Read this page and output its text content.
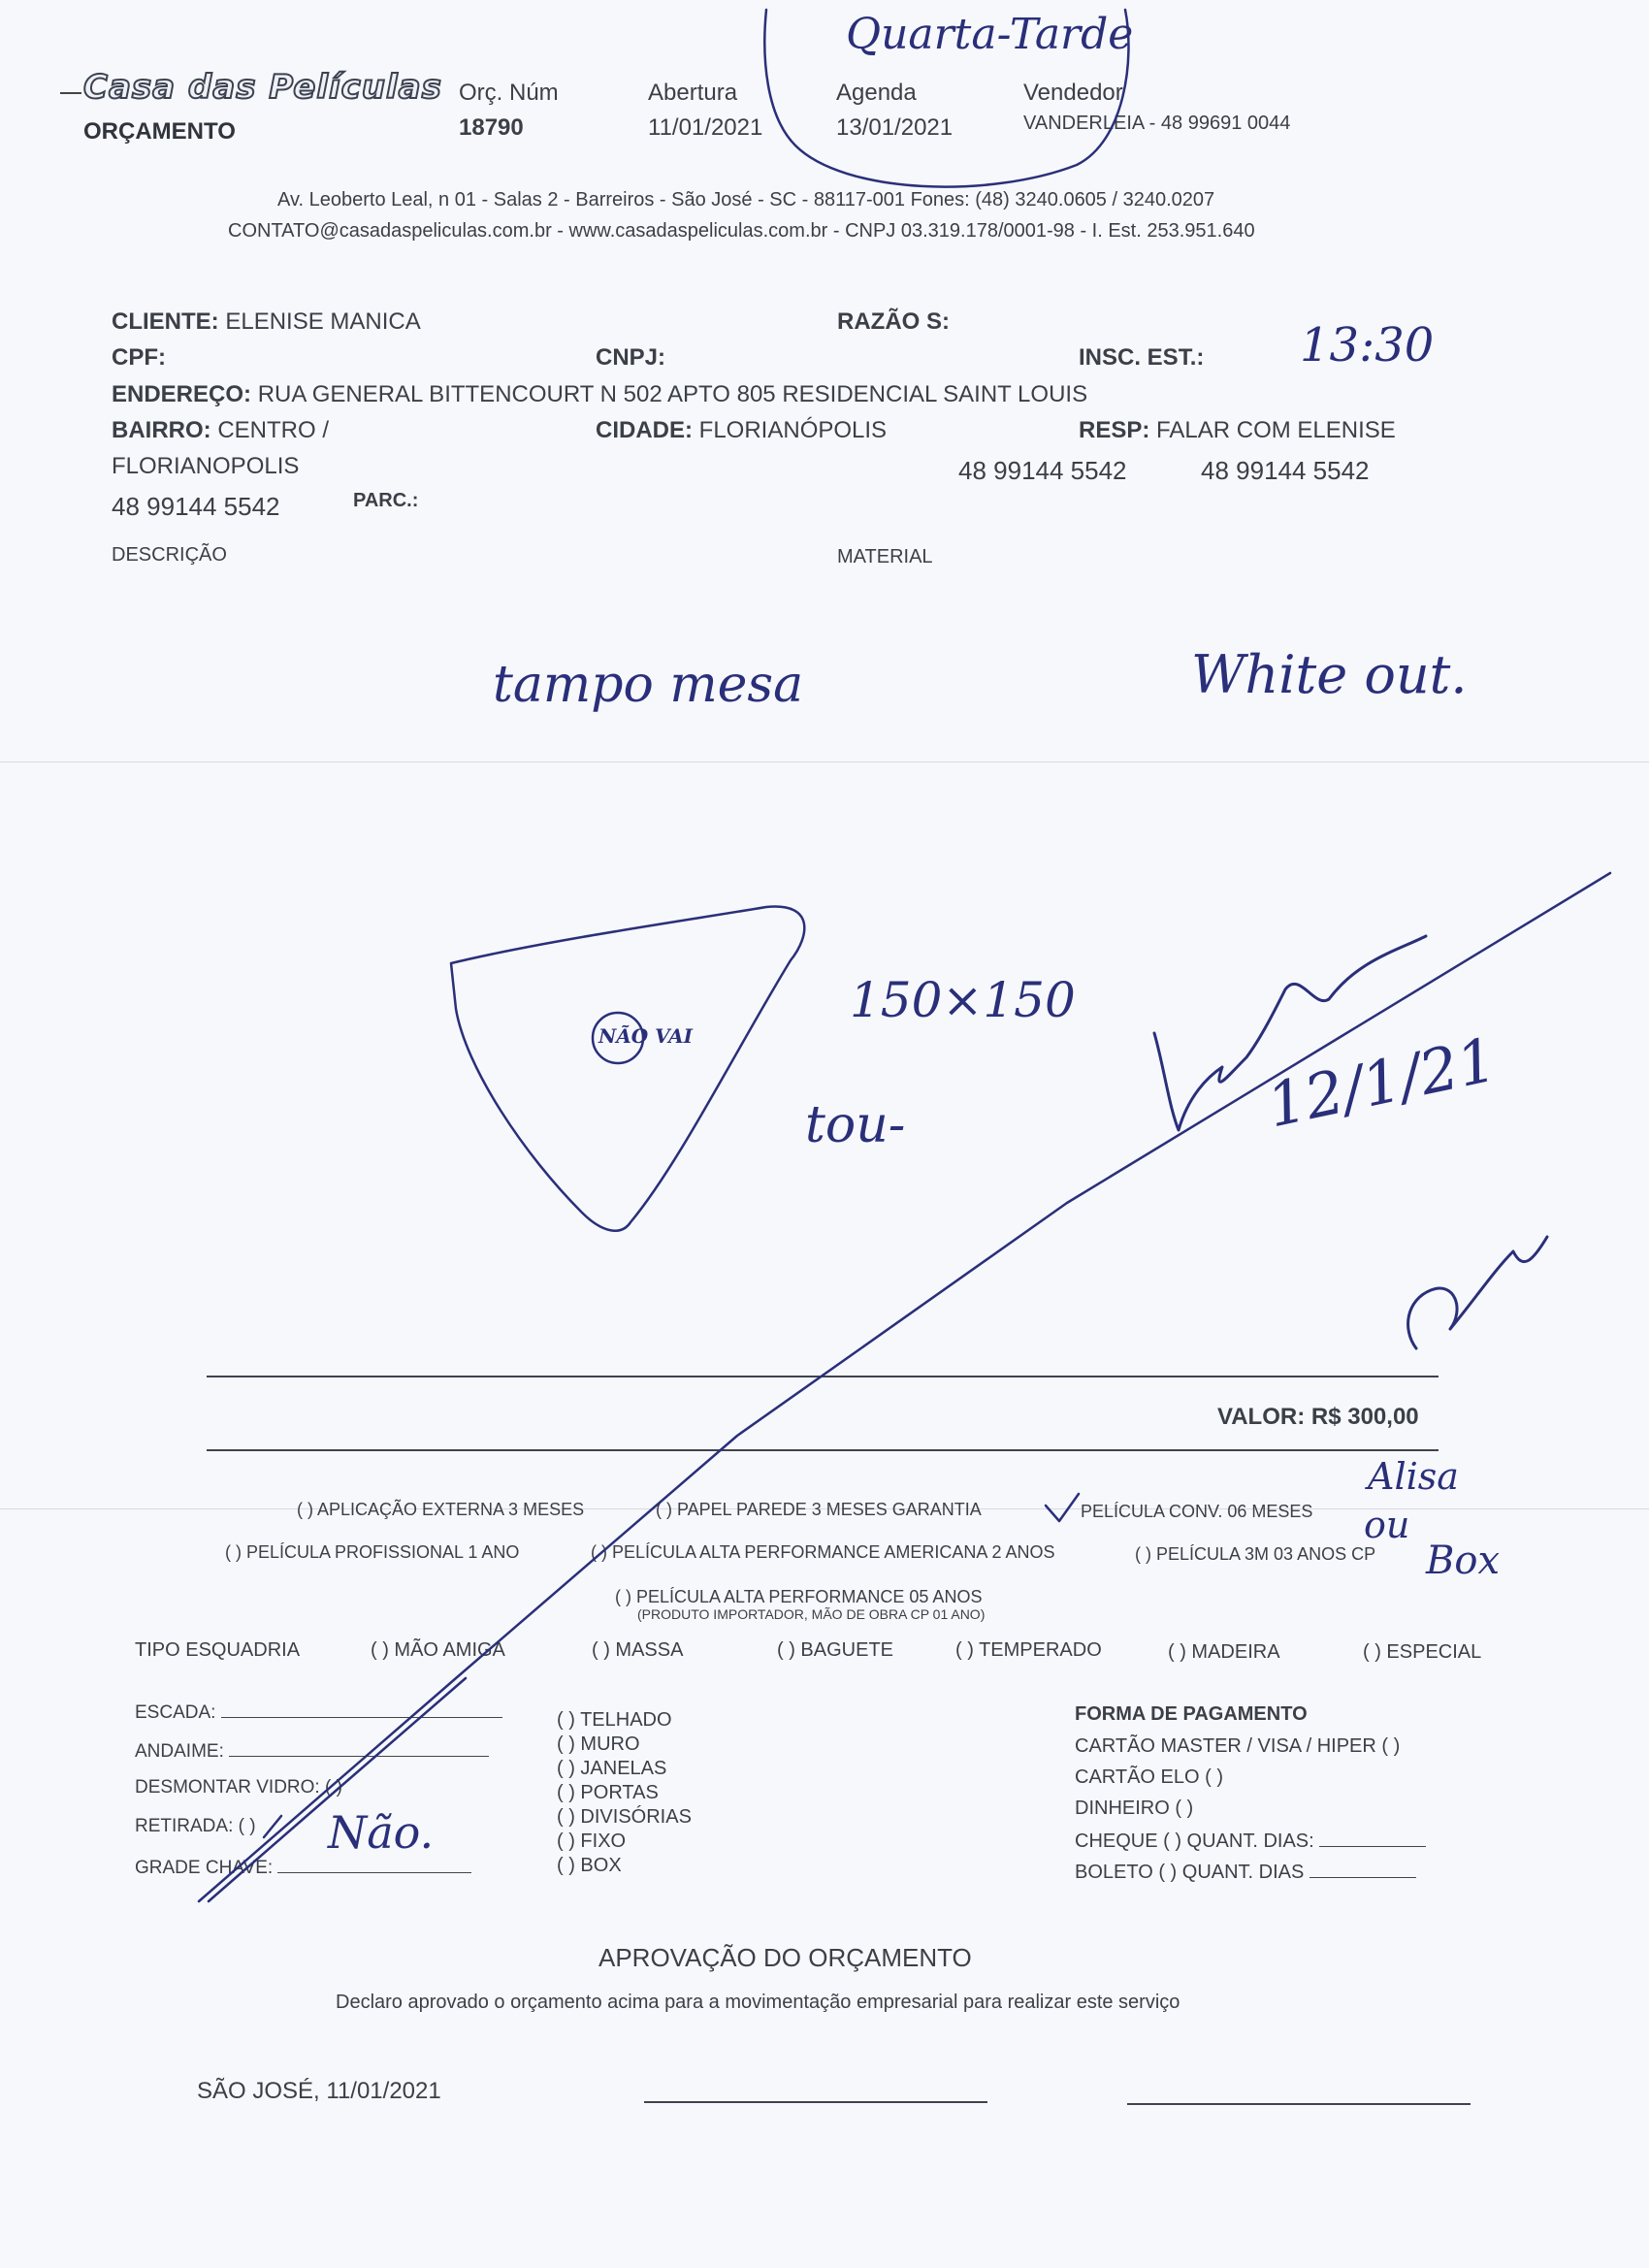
Casa das Películas
ORÇAMENTO
Orç. Núm
18790
Abertura
11/01/2021
Agenda
13/01/2021
Vendedor
VANDERLEIA - 48 99691 0044
Av. Leoberto Leal, n 01 - Salas 2 - Barreiros - São José - SC - 88117-001 Fones: (48) 3240.0605 / 3240.0207
CONTATO@casadaspeliculas.com.br - www.casadaspeliculas.com.br - CNPJ 03.319.178/0001-98 - I. Est. 253.951.640
CLIENTE: ELENISE MANICA	RAZÃO S:
CPF:	CNPJ:	INSC. EST.:
ENDEREÇO: RUA GENERAL BITTENCOURT N 502 APTO 805 RESIDENCIAL SAINT LOUIS
BAIRRO: CENTRO /	CIDADE: FLORIANÓPOLIS	RESP: FALAR COM ELENISE
FLORIANOPOLIS	48 99144 5542	48 99144 5542
48 99144 5542	PARC.:
DESCRIÇÃO	MATERIAL
VALOR: R$ 300,00
( ) APLICAÇÃO EXTERNA 3 MESES	( ) PAPEL PAREDE 3 MESES GARANTIA	PELÍCULA CONV. 06 MESES
( ) PELÍCULA PROFISSIONAL 1 ANO	( ) PELÍCULA ALTA PERFORMANCE AMERICANA 2 ANOS	( ) PELÍCULA 3M 03 ANOS CP
( ) PELÍCULA ALTA PERFORMANCE 05 ANOS
(PRODUTO IMPORTADOR, MÃO DE OBRA CP 01 ANO)
TIPO ESQUADRIA	( ) MÃO AMIGA	( ) MASSA	( ) BAGUETE	( ) TEMPERADO	( ) MADEIRA	( ) ESPECIAL
ESCADA:
ANDAIME:
DESMONTAR VIDRO: ( )
RETIRADA: ( )
GRADE CHAVE:
( ) TELHADO
( ) MURO
( ) JANELAS
( ) PORTAS
( ) DIVISÓRIAS
( ) FIXO
( ) BOX
FORMA DE PAGAMENTO
CARTÃO MASTER / VISA / HIPER ( )
CARTÃO ELO ( )
DINHEIRO ( )
CHEQUE ( ) QUANT. DIAS:
BOLETO ( ) QUANT. DIAS
APROVAÇÃO DO ORÇAMENTO
Declaro aprovado o orçamento acima para a movimentação empresarial para realizar este serviço
SÃO JOSÉ, 11/01/2021
Quarta-Tarde
13:30
tampo mesa	White out.
NÃO VAI
150×150
tou-	12/1/21
Não.
Alisa
ou
Box
